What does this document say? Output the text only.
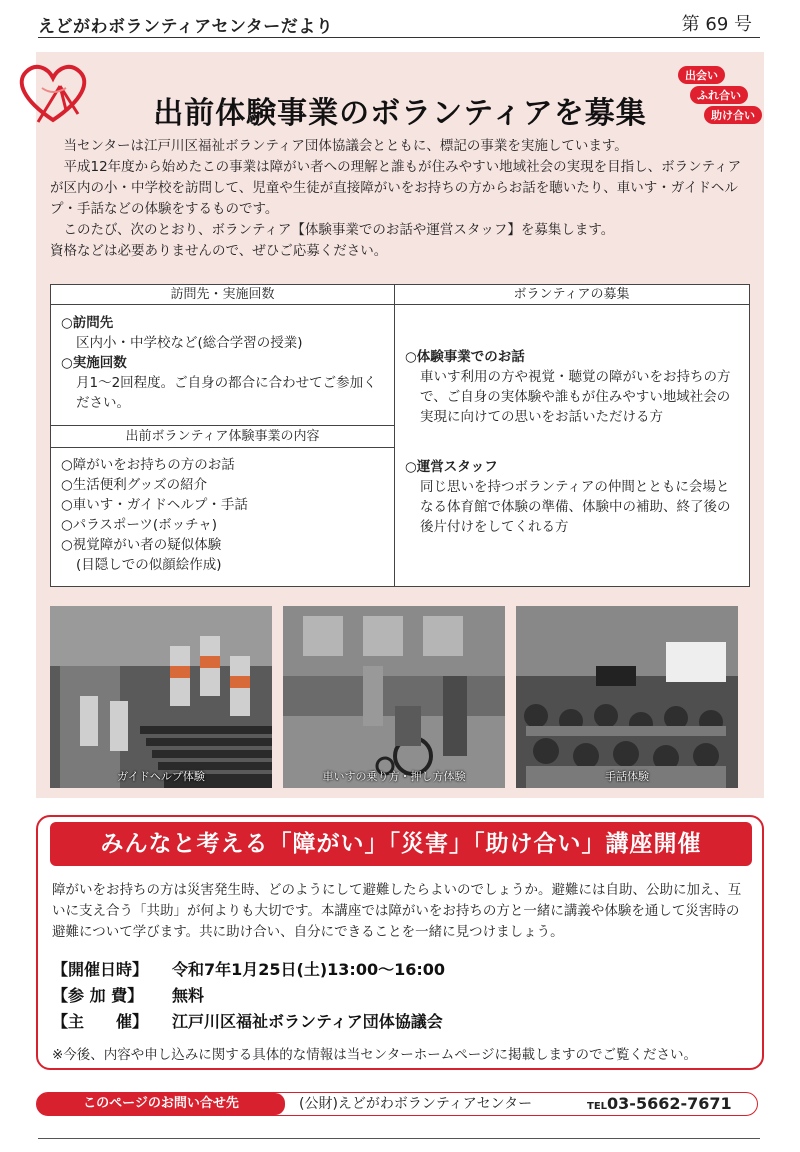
えどがわボランティアセンターだより	第 69 号
出前体験事業のボランティアを募集
出会い
ふれ合い
助け合い

当センターは江戸川区福祉ボランティア団体協議会とともに、標記の事業を実施しています。

平成12年度から始めたこの事業は障がい者への理解と誰もが住みやすい地域社会の実現を目指し、ボランティアが区内の小・中学校を訪問して、児童や生徒が直接障がいをお持ちの方からお話を聴いたり、車いす・ガイドヘルプ・手話などの体験をするものです。

このたび、次のとおり、ボランティア【体験事業でのお話や運営スタッフ】を募集します。

資格などは必要ありませんので、ぜひご応募ください。

訪問先・実施回数	ボランティアの募集
○訪問先
区内小・中学校など(総合学習の授業)
○実施回数
月1～2回程度。ご自身の都合に合わせてご参加ください。
出前ボランティア体験事業の内容
○障がいをお持ちの方のお話
○生活便利グッズの紹介
○車いす・ガイドヘルプ・手話
○パラスポーツ(ボッチャ)
○視覚障がい者の疑似体験
(目隠しでの似顔絵作成)
○体験事業でのお話
車いす利用の方や視覚・聴覚の障がいをお持ちの方で、ご自身の実体験や誰もが住みやすい地域社会の実現に向けての思いをお話いただける方
○運営スタッフ
同じ思いを持つボランティアの仲間とともに会場となる体育館で体験の準備、体験中の補助、終了後の後片付けをしてくれる方
ガイドヘルプ体験	車いすの乗り方・押し方体験	手話体験
みんなと考える「障がい」「災害」「助け合い」講座開催
障がいをお持ちの方は災害発生時、どのようにして避難したらよいのでしょうか。避難には自助、公助に加え、互いに支え合う「共助」が何よりも大切です。本講座では障がいをお持ちの方と一緒に講義や体験を通して災害時の避難について学びます。共に助け合い、自分にできることを一緒に見つけましょう。
【開催日時】	令和7年1月25日(土)13:00～16:00
【参 加 費】	無料
【主　　催】	江戸川区福祉ボランティア団体協議会
※今後、内容や申し込みに関する具体的な情報は当センターホームページに掲載しますのでご覧ください。
このページのお問い合せ先	(公財)えどがわボランティアセンター	TEL03-5662-7671
